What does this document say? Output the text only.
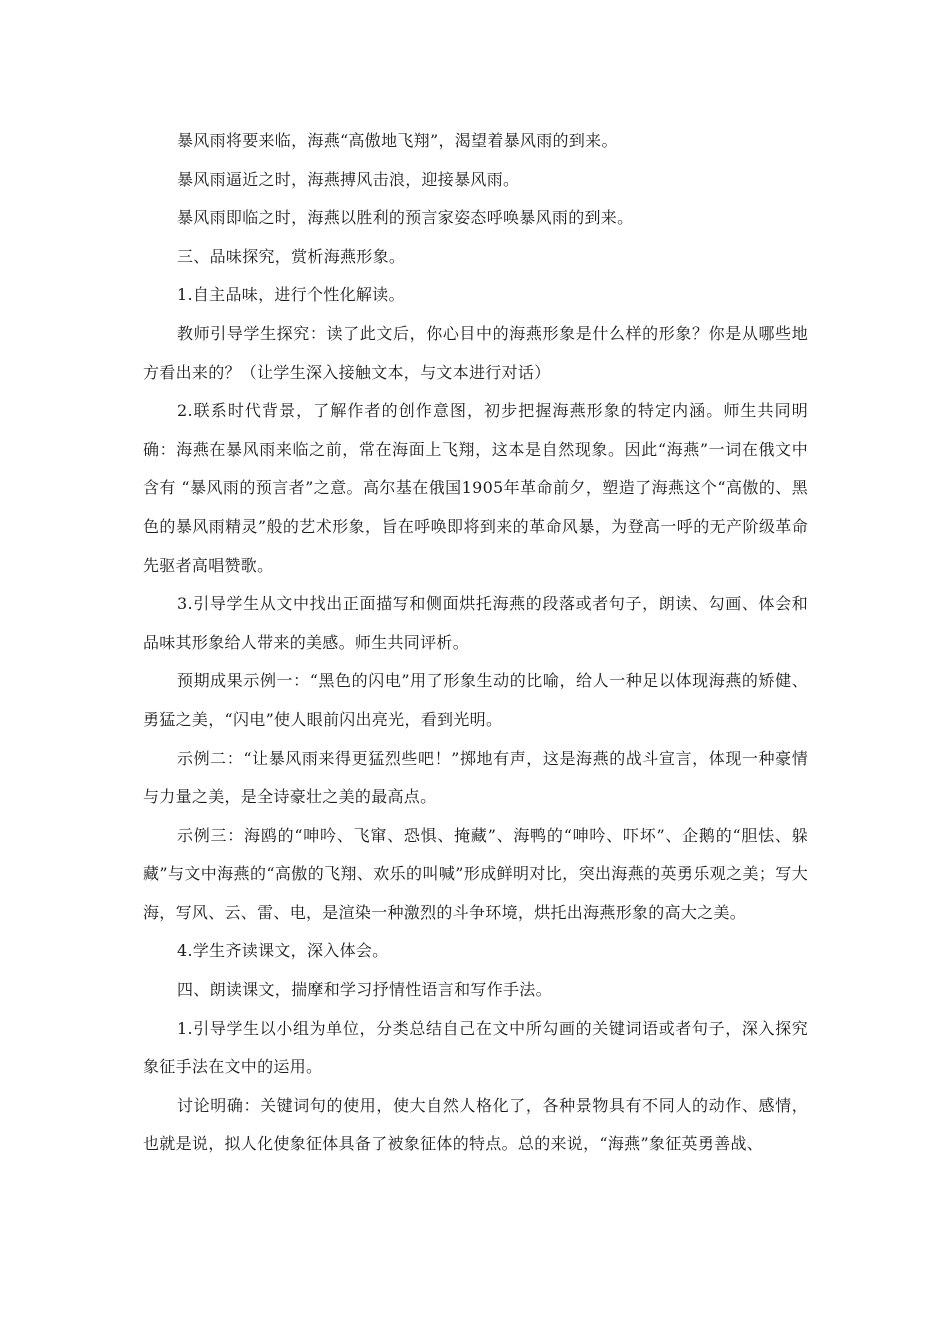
暴风雨将要来临，海燕“高傲地飞翔”，渴望着暴风雨的到来。

暴风雨逼近之时，海燕搏风击浪，迎接暴风雨。

暴风雨即临之时，海燕以胜利的预言家姿态呼唤暴风雨的到来。

三、品味探究，赏析海燕形象。

1.自主品味，进行个性化解读。

教师引导学生探究：读了此文后，你心目中的海燕形象是什么样的形象？你是从哪些地方看出来的？（让学生深入接触文本，与文本进行对话）

2.联系时代背景，了解作者的创作意图，初步把握海燕形象的特定内涵。师生共同明确：海燕在暴风雨来临之前，常在海面上飞翔，这本是自然现象。因此“海燕”一词在俄文中含有 “暴风雨的预言者”之意。高尔基在俄国1905年革命前夕，塑造了海燕这个“高傲的、黑色的暴风雨精灵”般的艺术形象，旨在呼唤即将到来的革命风暴，为登高一呼的无产阶级革命先驱者高唱赞歌。

3.引导学生从文中找出正面描写和侧面烘托海燕的段落或者句子，朗读、勾画、体会和品味其形象给人带来的美感。师生共同评析。

预期成果示例一：“黑色的闪电”用了形象生动的比喻，给人一种足以体现海燕的矫健、勇猛之美，“闪电”使人眼前闪出亮光，看到光明。

示例二：“让暴风雨来得更猛烈些吧！”掷地有声，这是海燕的战斗宣言，体现一种豪情与力量之美，是全诗豪壮之美的最高点。

示例三：海鸥的“呻吟、飞窜、恐惧、掩藏”、海鸭的“呻吟、吓坏”、企鹅的“胆怯、躲藏”与文中海燕的“高傲的飞翔、欢乐的叫喊”形成鲜明对比，突出海燕的英勇乐观之美；写大海，写风、云、雷、电，是渲染一种激烈的斗争环境，烘托出海燕形象的高大之美。

4.学生齐读课文，深入体会。

四、朗读课文，揣摩和学习抒情性语言和写作手法。

1.引导学生以小组为单位，分类总结自己在文中所勾画的关键词语或者句子，深入探究象征手法在文中的运用。

讨论明确：关键词句的使用，使大自然人格化了，各种景物具有不同人的动作、感情，也就是说，拟人化使象征体具备了被象征体的特点。总的来说，“海燕”象征英勇善战、
